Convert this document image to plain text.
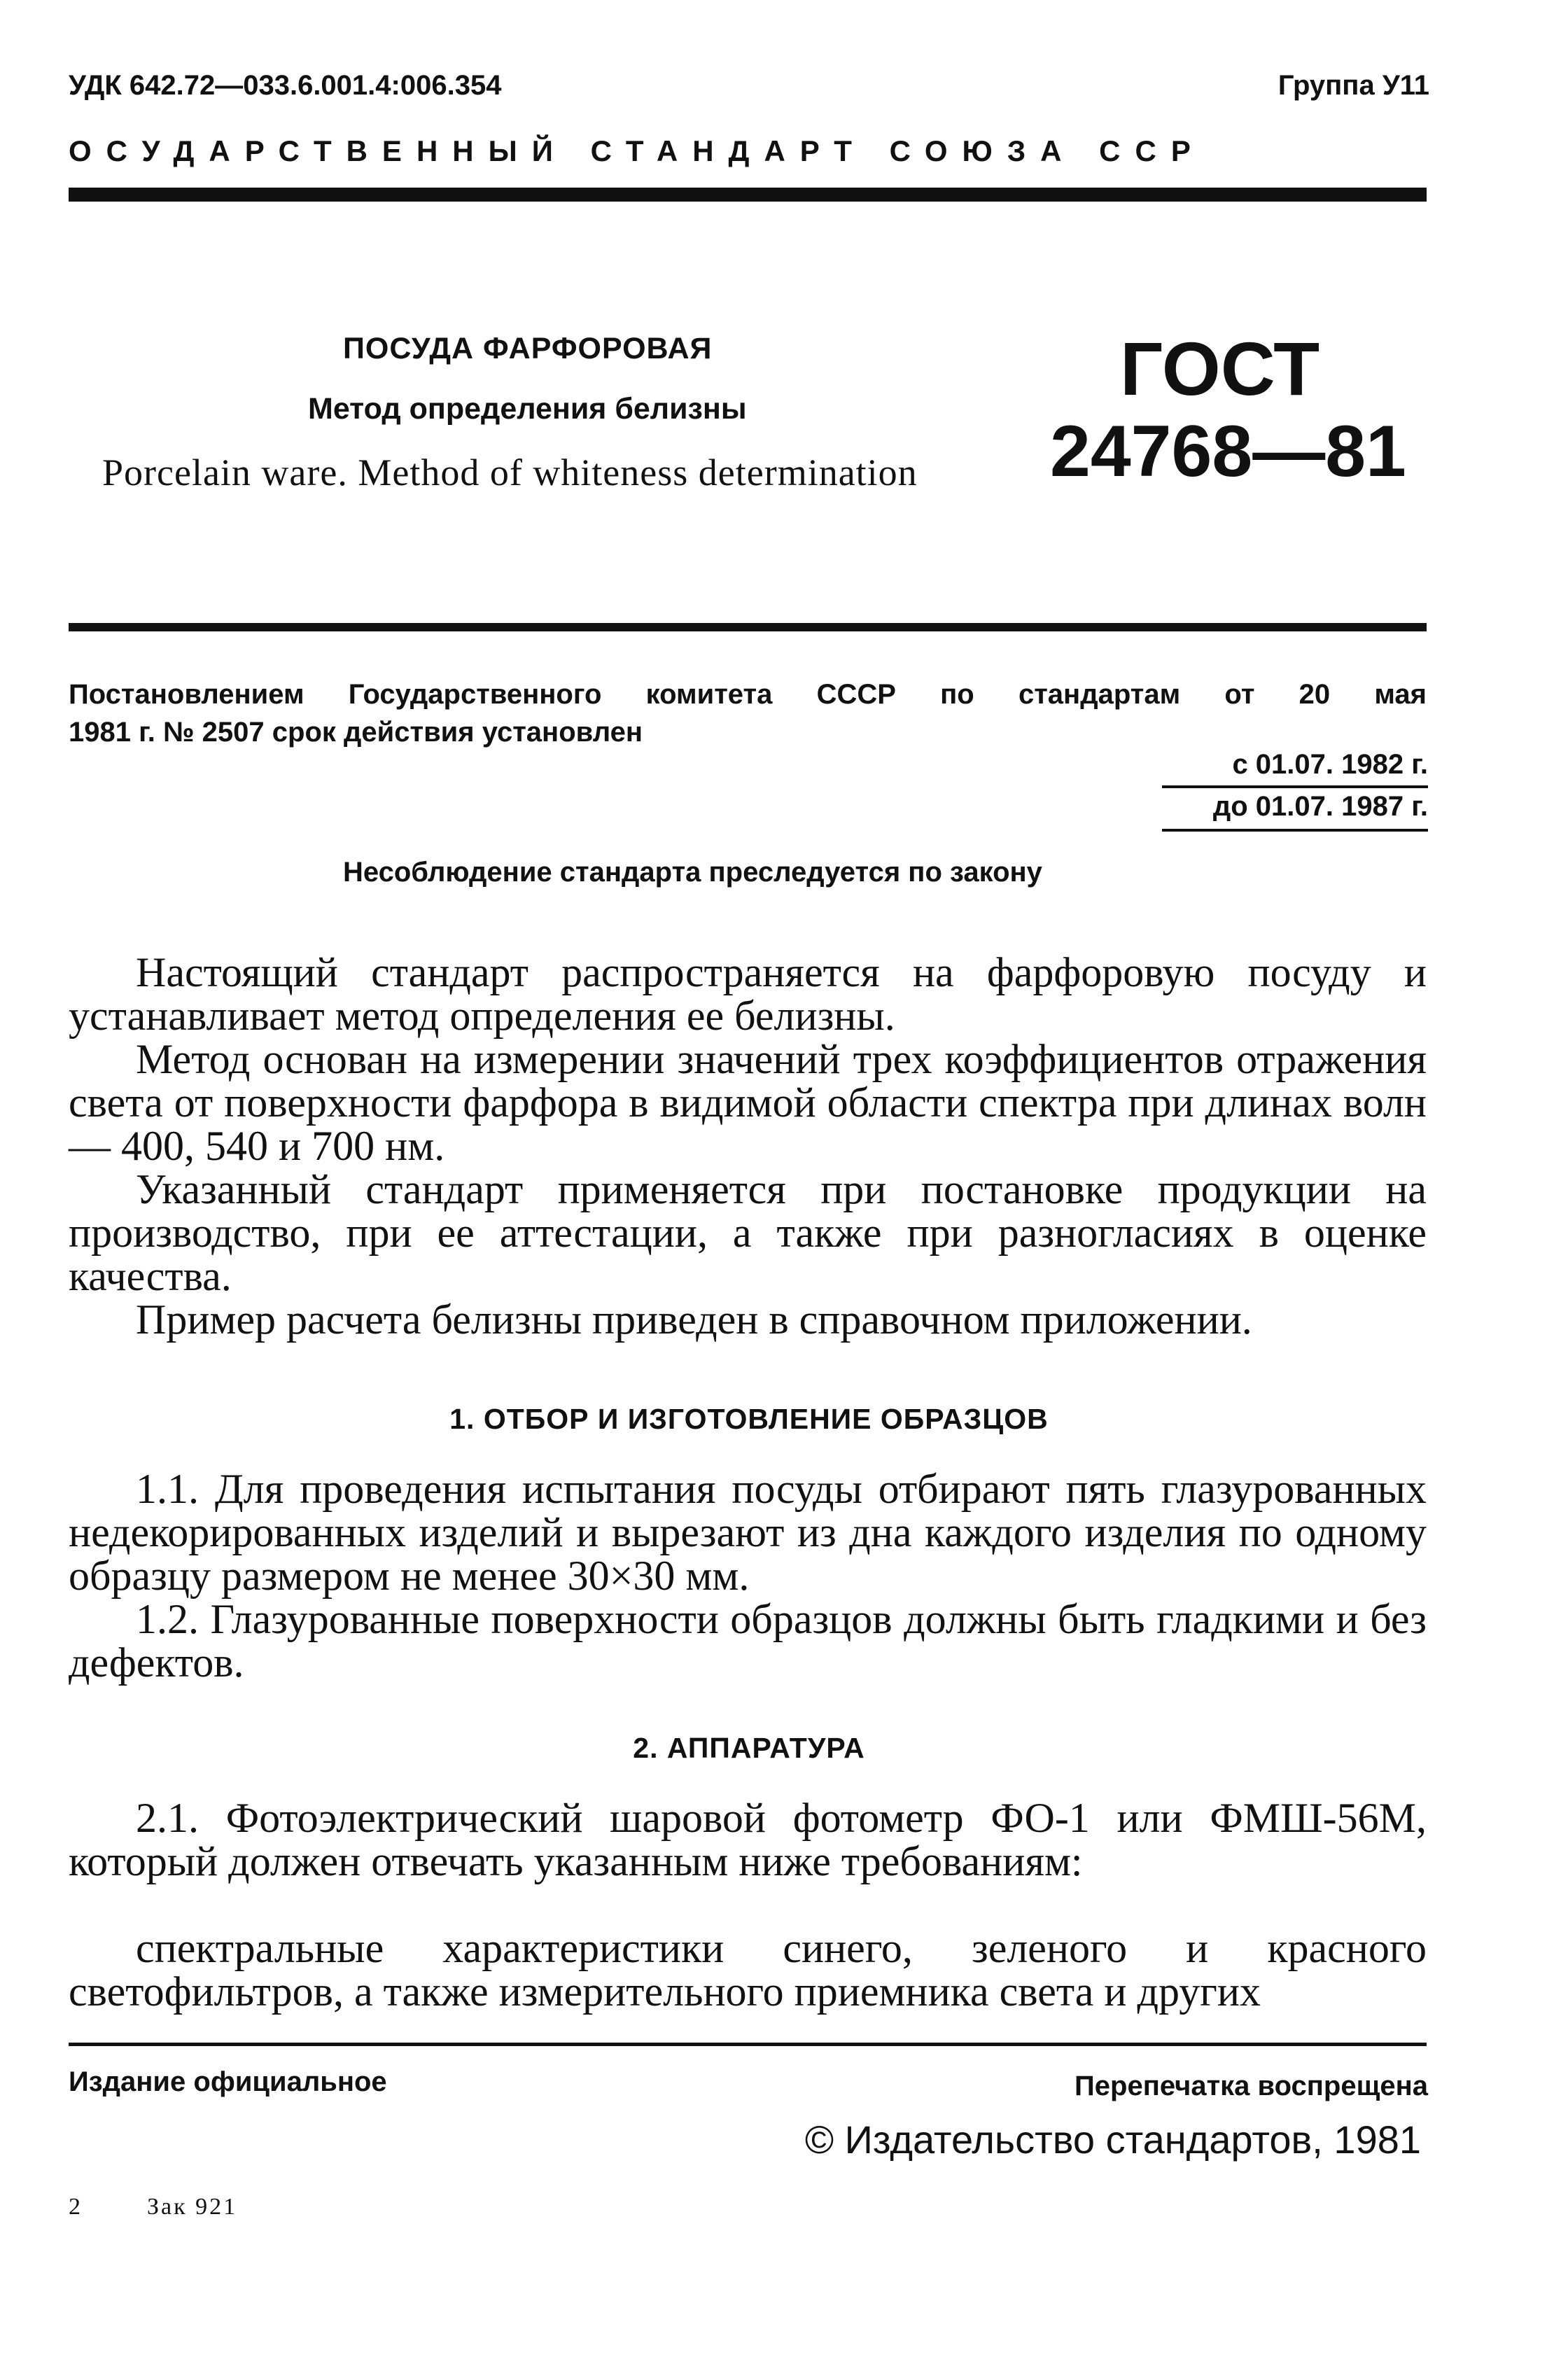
УДК 642.72—033.6.001.4:006.354	Группа У11
ОСУДАРСТВЕННЫЙ СТАНДАРТ СОЮЗА ССР
ПОСУДА ФАРФОРОВАЯ
Метод определения белизны
Porcelain ware. Method of whiteness determination
ГОСТ
24768—81
Постановлением Государственного комитета СССР по стандартам от 20 мая
1981 г. № 2507 срок действия установлен
с 01.07. 1982 г.
до 01.07. 1987 г.
Несоблюдение стандарта преследуется по закону
Настоящий стандарт распространяется на фарфоровую посуду и устанавливает метод определения ее белизны.
Метод основан на измерении значений трех коэффициентов отражения света от поверхности фарфора в видимой области спектра при длинах волн — 400, 540 и 700 нм.
Указанный стандарт применяется при постановке продукции на производство, при ее аттестации, а также при разногласиях в оценке качества.
Пример расчета белизны приведен в справочном приложении.
1. ОТБОР И ИЗГОТОВЛЕНИЕ ОБРАЗЦОВ
1.1. Для проведения испытания посуды отбирают пять глазурованных недекорированных изделий и вырезают из дна каждого изделия по одному образцу размером не менее 30×30 мм.
1.2. Глазурованные поверхности образцов должны быть гладкими и без дефектов.
2. АППАРАТУРА
2.1. Фотоэлектрический шаровой фотометр ФО-1 или ФМШ-56М, который должен отвечать указанным ниже требованиям:
спектральные характеристики синего, зеленого и красного светофильтров, а также измерительного приемника света и других
Издание официальное	Перепечатка воспрещена
© Издательство стандартов, 1981
2	Зак 921
